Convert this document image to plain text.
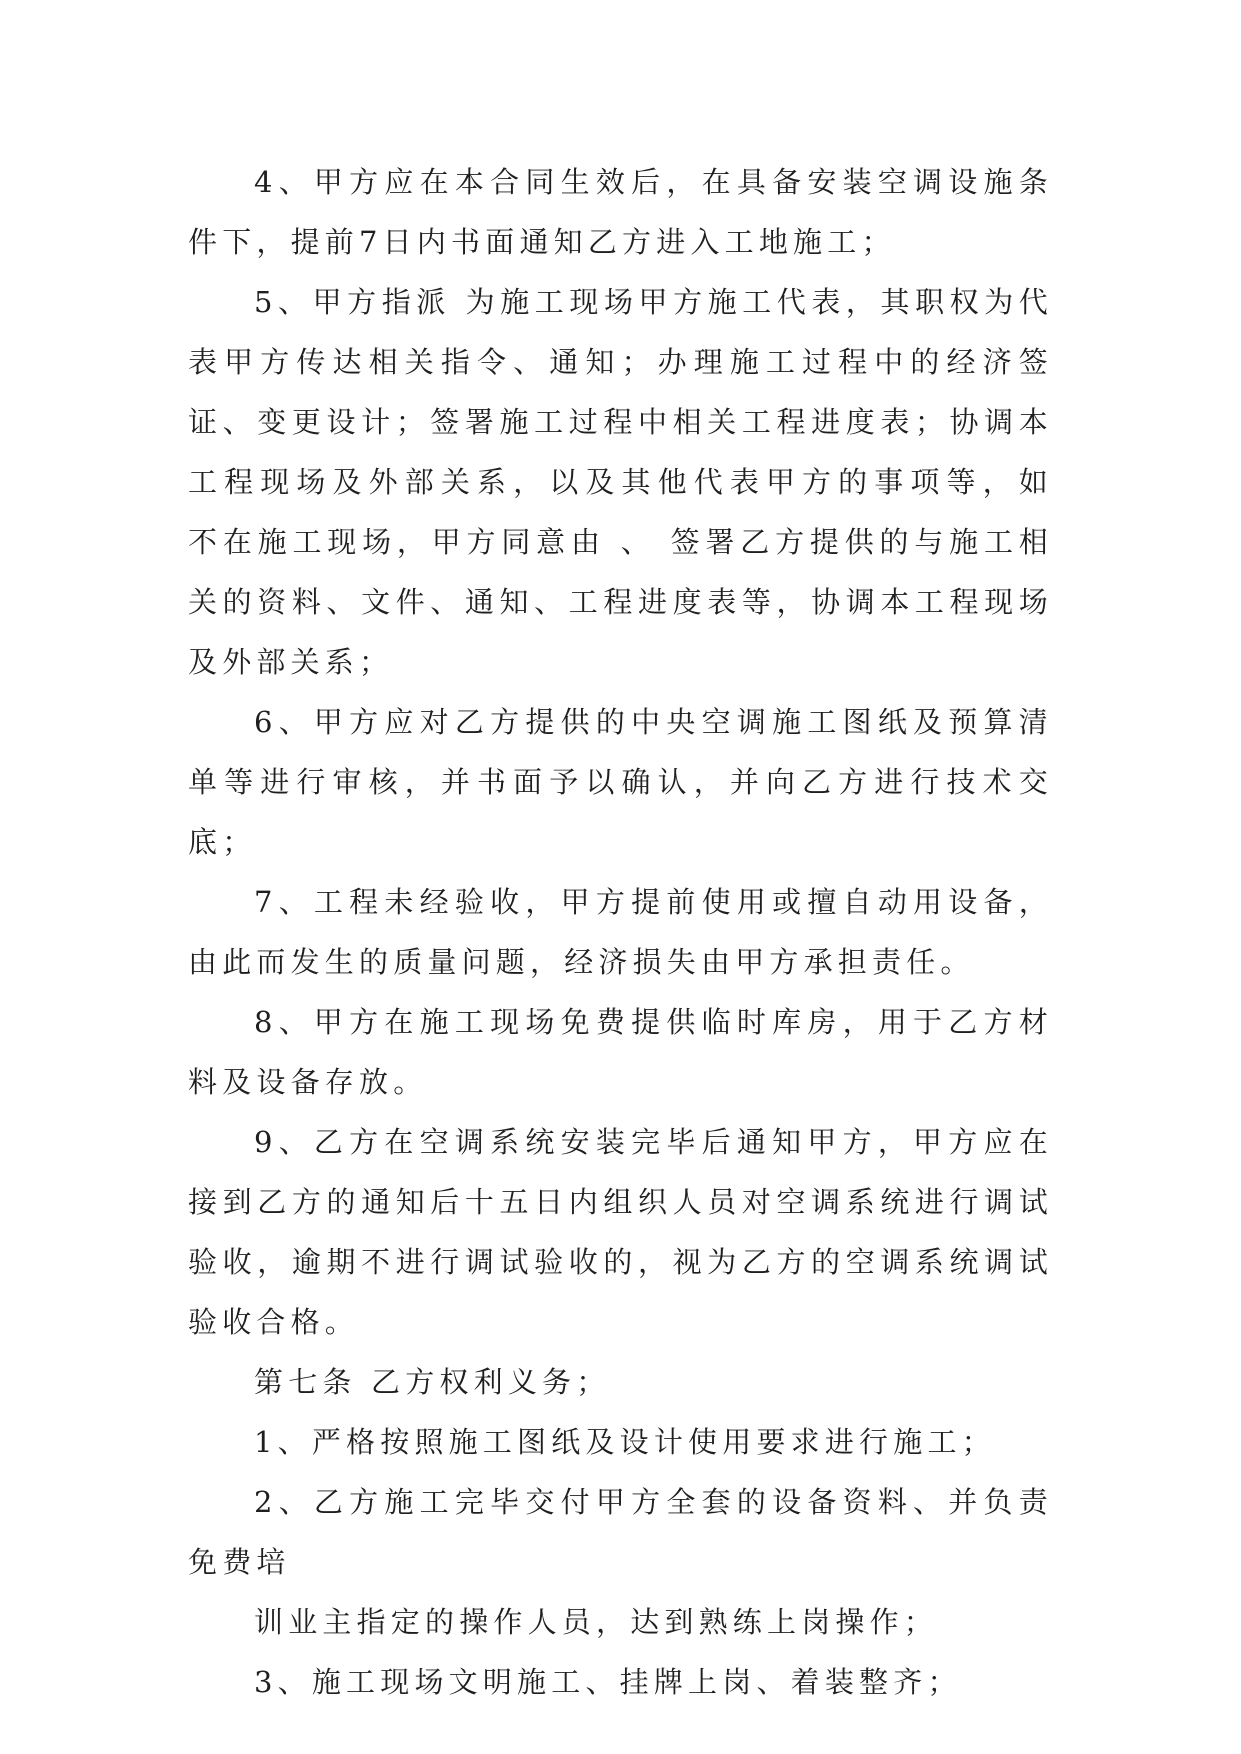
4、甲方应在本合同生效后，在具备安装空调设施条件下，提前7日内书面通知乙方进入工地施工；

5、甲方指派 为施工现场甲方施工代表，其职权为代表甲方传达相关指令、通知；办理施工过程中的经济签证、变更设计；签署施工过程中相关工程进度表；协调本工程现场及外部关系，以及其他代表甲方的事项等，如 不在施工现场，甲方同意由 、 签署乙方提供的与施工相关的资料、文件、通知、工程进度表等，协调本工程现场及外部关系；

6、甲方应对乙方提供的中央空调施工图纸及预算清单等进行审核，并书面予以确认，并向乙方进行技术交底；

7、工程未经验收，甲方提前使用或擅自动用设备，由此而发生的质量问题，经济损失由甲方承担责任。

8、甲方在施工现场免费提供临时库房，用于乙方材料及设备存放。

9、乙方在空调系统安装完毕后通知甲方，甲方应在接到乙方的通知后十五日内组织人员对空调系统进行调试验收，逾期不进行调试验收的，视为乙方的空调系统调试验收合格。

第七条 乙方权利义务；

1、严格按照施工图纸及设计使用要求进行施工；

2、乙方施工完毕交付甲方全套的设备资料、并负责免费培

训业主指定的操作人员，达到熟练上岗操作；

3、施工现场文明施工、挂牌上岗、着装整齐；
